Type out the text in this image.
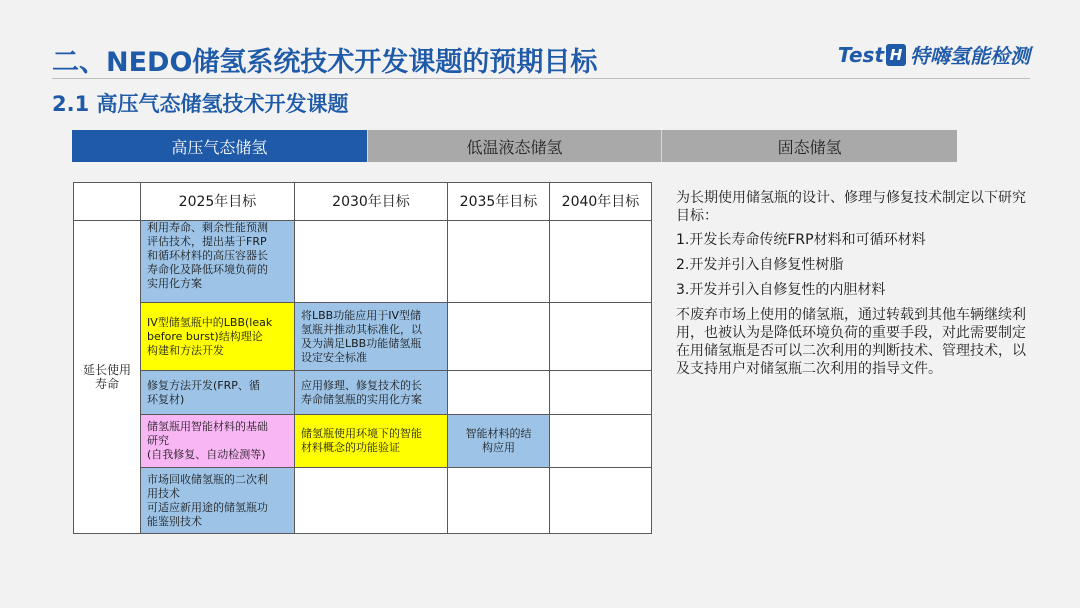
二、NEDO储氢系统技术开发课题的预期目标	Test H 特嗨氢能检测
2.1 高压气态储氢技术开发课题
高压气态储氢	低温液态储氢	固态储氢
	2025年目标	2030年目标	2035年目标	2040年目标
延长使用
寿命	利用寿命、剩余性能预测
评估技术，提出基于FRP
和循环材料的高压容器长
寿命化及降低环境负荷的
实用化方案			
	IV型储氢瓶中的LBB(leak
before burst)结构理论
构建和方法开发	将LBB功能应用于IV型储
氢瓶并推动其标准化，以
及为满足LBB功能储氢瓶
设定安全标准		
	修复方法开发(FRP、循
环复材)	应用修理、修复技术的长
寿命储氢瓶的实用化方案		
	储氢瓶用智能材料的基础
研究
(自我修复、自动检测等)	储氢瓶使用环境下的智能
材料概念的功能验证	智能材料的结
构应用	
	市场回收储氢瓶的二次利
用技术
可适应新用途的储氢瓶功
能鉴别技术			

为长期使用储氢瓶的设计、修理与修复技术制定以下研究目标：

1.开发长寿命传统FRP材料和可循环材料
2.开发并引入自修复性树脂
3.开发并引入自修复性的内胆材料

不废弃市场上使用的储氢瓶，通过转载到其他车辆继续利用，也被认为是降低环境负荷的重要手段，对此需要制定在用储氢瓶是否可以二次利用的判断技术、管理技术，以及支持用户对储氢瓶二次利用的指导文件。
